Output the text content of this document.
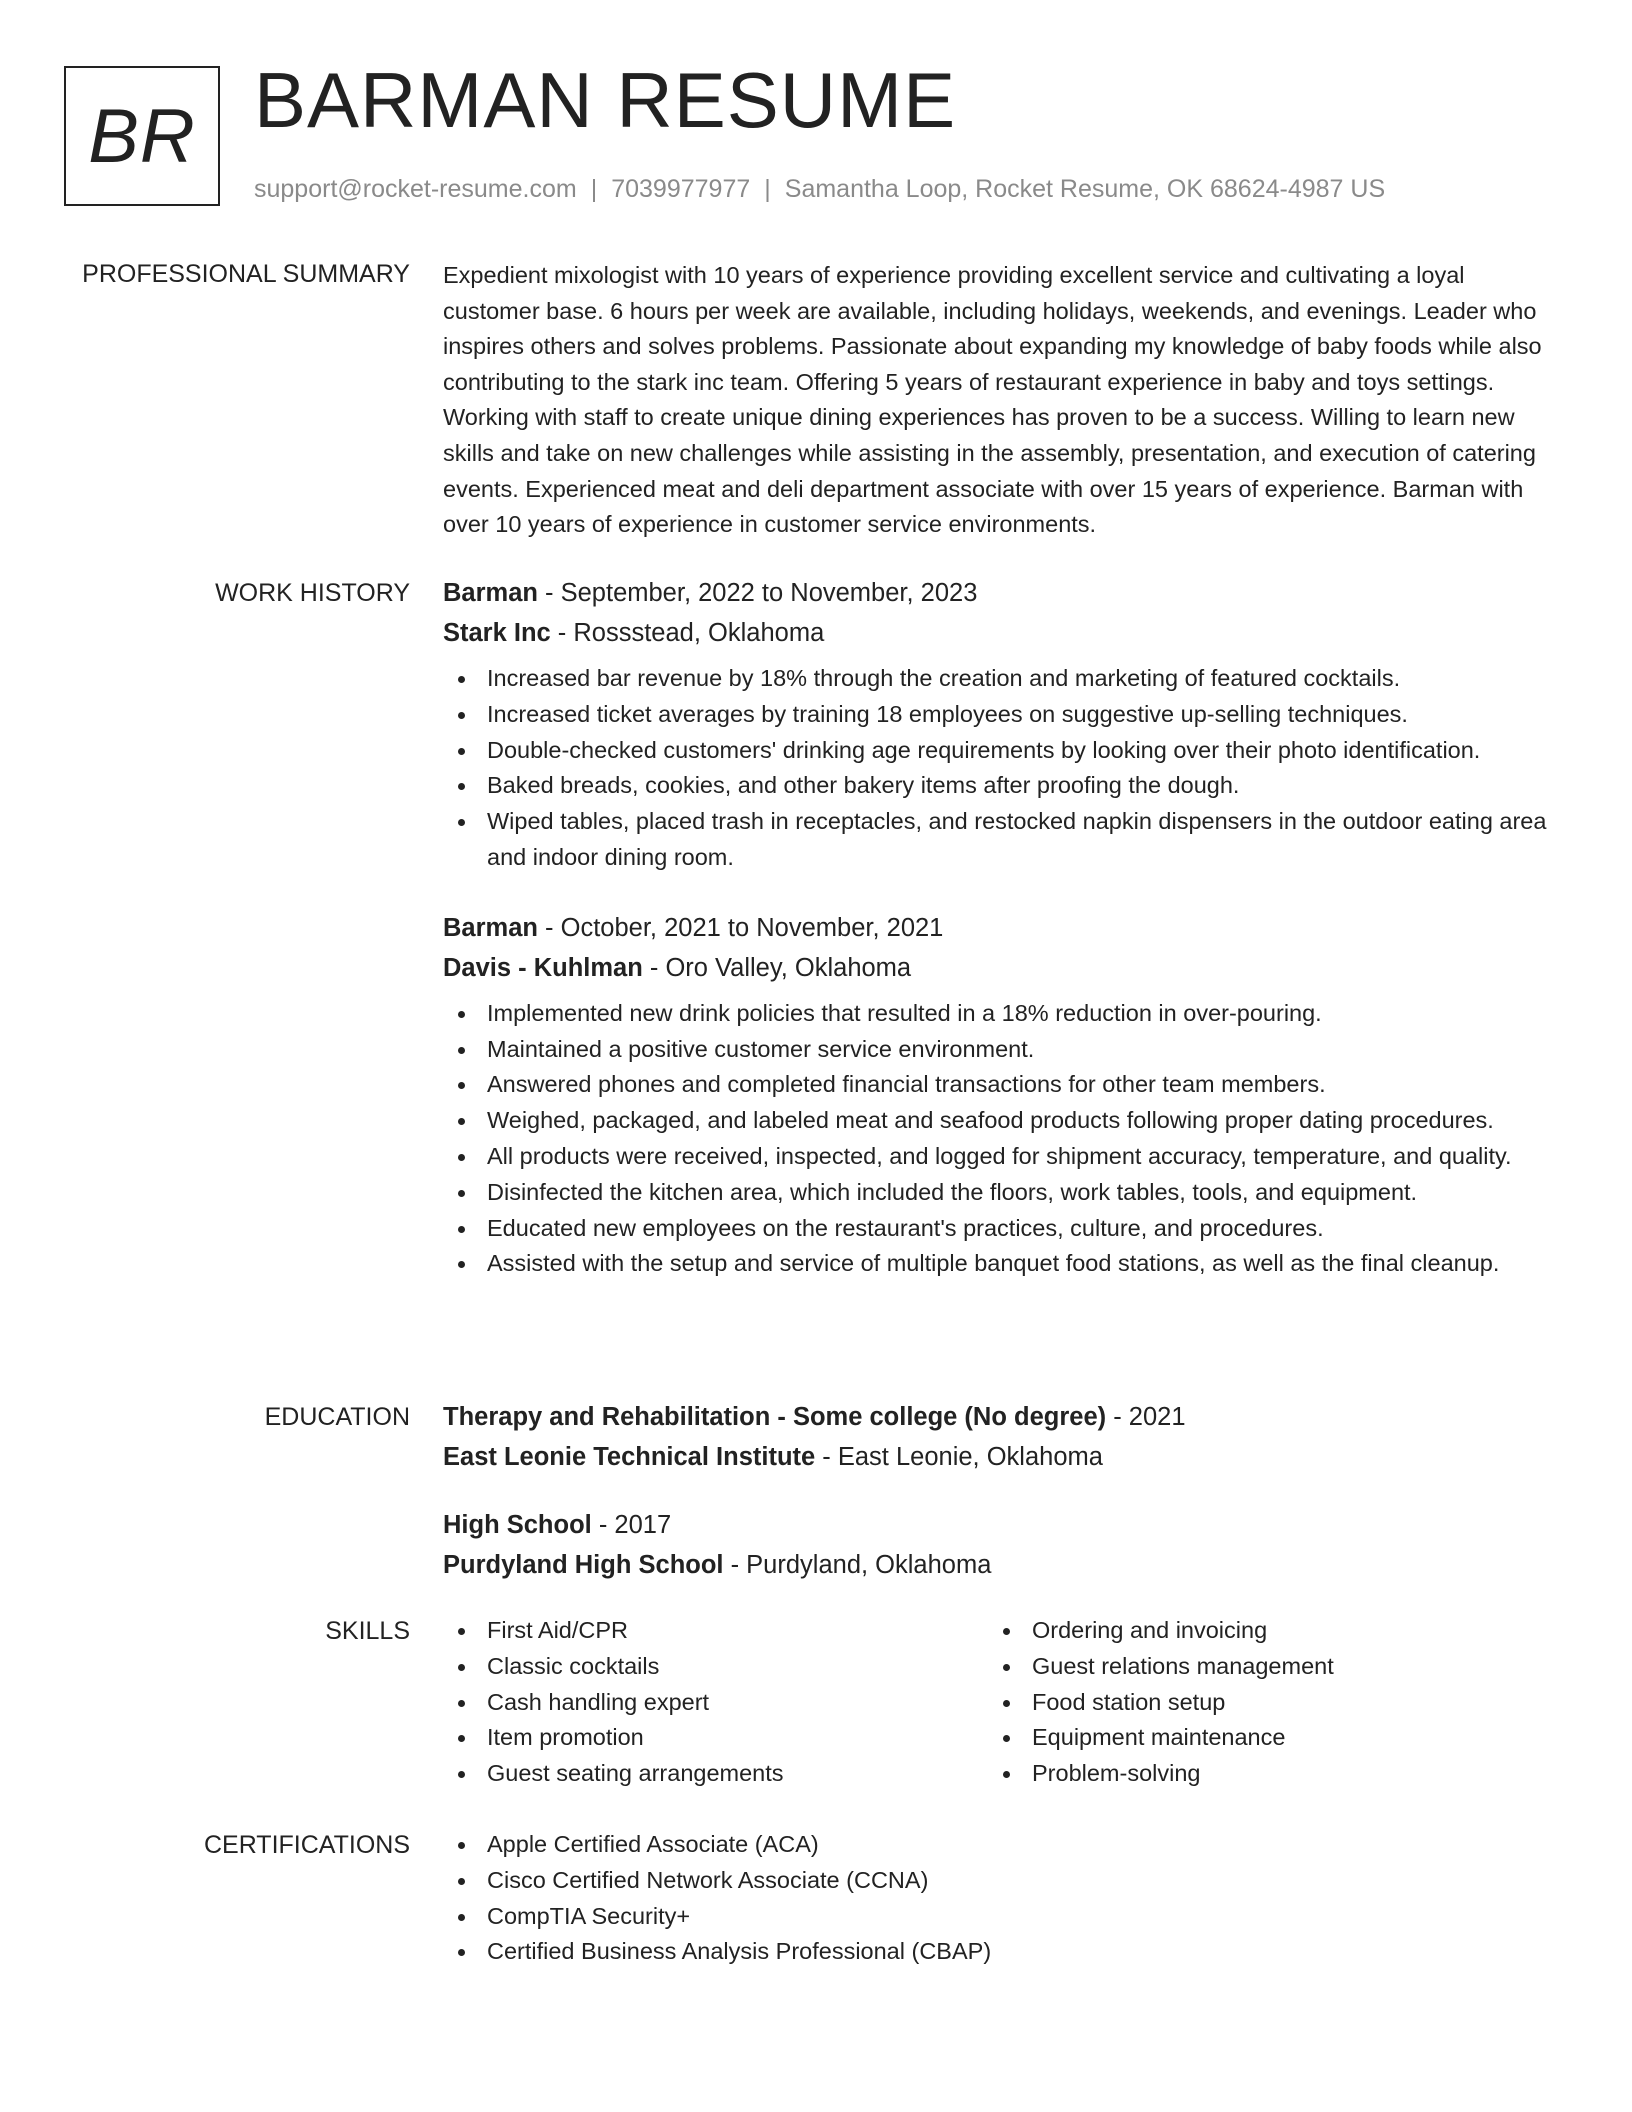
BR BARMAN RESUME
support@rocket-resume.com | 7039977977 | Samantha Loop, Rocket Resume, OK 68624-4987 US
PROFESSIONAL SUMMARY Expedient mixologist with 10 years of experience providing excellent service and cultivating a loyal customer base. 6 hours per week are available, including holidays, weekends, and evenings. Leader who inspires others and solves problems. Passionate about expanding my knowledge of baby foods while also contributing to the stark inc team. Offering 5 years of restaurant experience in baby and toys settings. Working with staff to create unique dining experiences has proven to be a success. Willing to learn new skills and take on new challenges while assisting in the assembly, presentation, and execution of catering events. Experienced meat and deli department associate with over 15 years of experience. Barman with over 10 years of experience in customer service environments.

WORK HISTORY Barman - September, 2022 to November, 2023

Stark Inc - Rossstead, Oklahoma

Increased bar revenue by 18% through the creation and marketing of featured cocktails.
Increased ticket averages by training 18 employees on suggestive up-selling techniques.
Double-checked customers' drinking age requirements by looking over their photo identification.
Baked breads, cookies, and other bakery items after proofing the dough.
Wiped tables, placed trash in receptacles, and restocked napkin dispensers in the outdoor eating area and indoor dining room.

Barman - October, 2021 to November, 2021

Davis - Kuhlman - Oro Valley, Oklahoma

Implemented new drink policies that resulted in a 18% reduction in over-pouring.
Maintained a positive customer service environment.
Answered phones and completed financial transactions for other team members.
Weighed, packaged, and labeled meat and seafood products following proper dating procedures.
All products were received, inspected, and logged for shipment accuracy, temperature, and quality.
Disinfected the kitchen area, which included the floors, work tables, tools, and equipment.
Educated new employees on the restaurant's practices, culture, and procedures.
Assisted with the setup and service of multiple banquet food stations, as well as the final cleanup.
EDUCATION Therapy and Rehabilitation - Some college (No degree) - 2021

East Leonie Technical Institute - East Leonie, Oklahoma

High School - 2017

Purdyland High School - Purdyland, Oklahoma

SKILLS	First Aid/CPR
Classic cocktails
Cash handling expert
Item promotion
Guest seating arrangements
Ordering and invoicing
Guest relations management
Food station setup
Equipment maintenance
Problem-solving
CERTIFICATIONS	Apple Certified Associate (ACA)
Cisco Certified Network Associate (CCNA)
CompTIA Security+
Certified Business Analysis Professional (CBAP)
